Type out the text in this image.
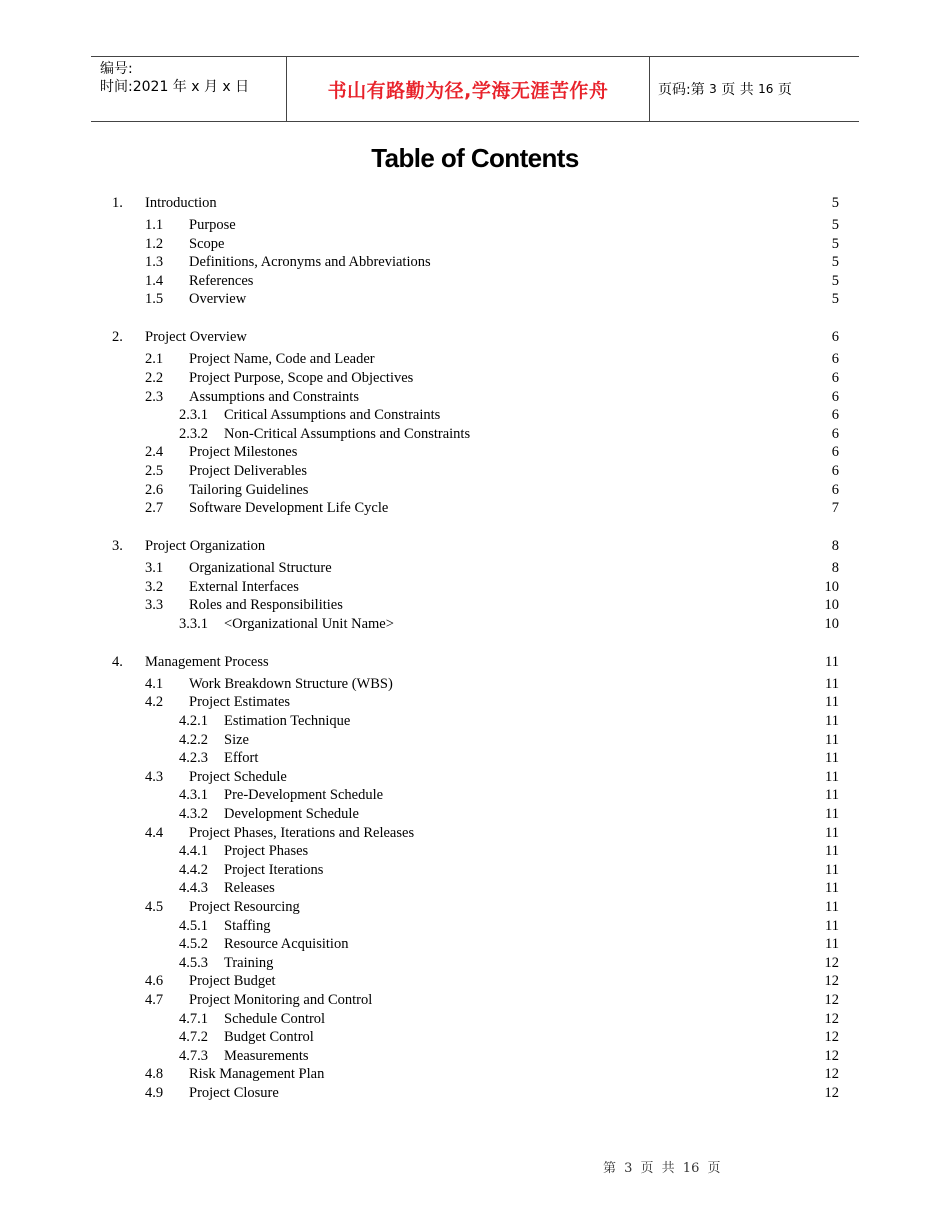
编号:
时间:2021 年 x 月 x 日	书山有路勤为径,学海无涯苦作舟	页码:第
3
页 共
16
页
Table of Contents
1. Introduction	5
1.1 Purpose	5
1.2 Scope	5
1.3 Definitions, Acronyms and Abbreviations	5
1.4 References	5
1.5 Overview	5
2. Project Overview	6
2.1 Project Name, Code and Leader	6
2.2 Project Purpose, Scope and Objectives	6
2.3 Assumptions and Constraints	6
2.3.1 Critical Assumptions and Constraints	6
2.3.2 Non-Critical Assumptions and Constraints	6
2.4 Project Milestones	6
2.5 Project Deliverables	6
2.6 Tailoring Guidelines	6
2.7 Software Development Life Cycle	7
3. Project Organization	8
3.1 Organizational Structure	8
3.2 External Interfaces	10
3.3 Roles and Responsibilities	10
3.3.1 <Organizational Unit Name>	10
4. Management Process	11
4.1 Work Breakdown Structure (WBS)	11
4.2 Project Estimates	11
4.2.1 Estimation Technique	11
4.2.2 Size	11
4.2.3 Effort	11
4.3 Project Schedule	11
4.3.1 Pre-Development Schedule	11
4.3.2 Development Schedule	11
4.4 Project Phases, Iterations and Releases	11
4.4.1 Project Phases	11
4.4.2 Project Iterations	11
4.4.3 Releases	11
4.5 Project Resourcing	11
4.5.1 Staffing	11
4.5.2 Resource Acquisition	11
4.5.3 Training	12
4.6 Project Budget	12
4.7 Project Monitoring and Control	12
4.7.1 Schedule Control	12
4.7.2 Budget Control	12
4.7.3 Measurements	12
4.8 Risk Management Plan	12
4.9 Project Closure	12
第 3 页 共 16 页
